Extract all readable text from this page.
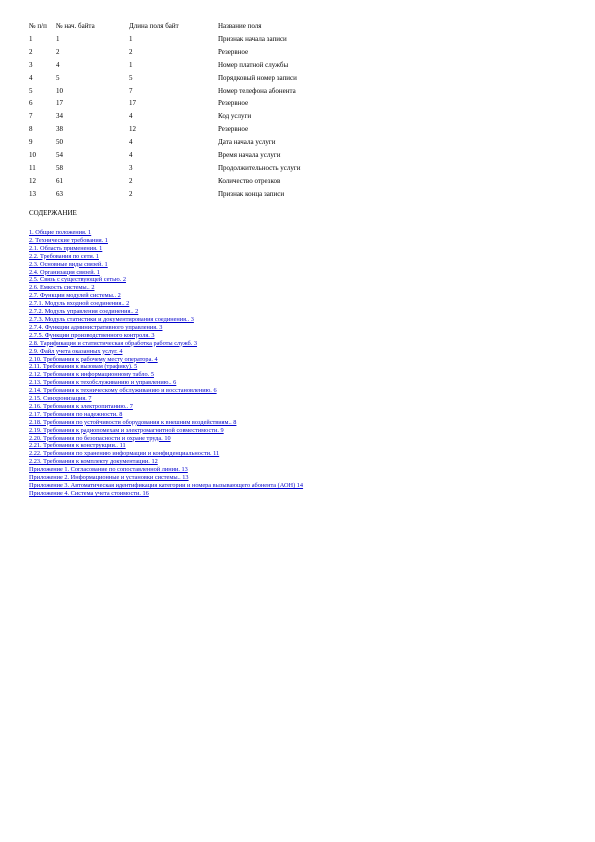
№ п/п	№ нач. байта	Длина поля байт	Название поля
1	1	1	Признак начала записи
2	2	2	Резервное
3	4	1	Номер платной службы
4	5	5	Порядковый номер записи
5	10	7	Номер телефона абонента
6	17	17	Резервное
7	34	4	Код услуги
8	38	12	Резервное
9	50	4	Дата начала услуги
10	54	4	Время начала услуги
11	58	3	Продолжительность услуги
12	61	2	Количество отрезков
13	63	2	Признак конца записи
СОДЕРЖАНИЕ
1. Общие положения. 1
2. Технические требования. 1
2.1. Область применения. 1
2.2. Требования по сети. 1
2.3. Основные виды связей. 1
2.4. Организация связей. 1
2.5. Связь с существующей сетью. 2
2.6. Емкость системы.. 2
2.7. Функции модулей системы.. 2
2.7.1. Модуль входной соединения.. 2
2.7.2. Модуль управления соединения.. 2
2.7.3. Модуль статистики и документирования соединения.. 3
2.7.4. Функции административного управления. 3
2.7.5. Функции производственного контроля. 3
2.8. Тарификация и статистическая обработка работы служб. 3
2.9. Файл учета оказанных услуг. 4
2.10. Требования к рабочему месту оператора. 4
2.11. Требования к вызовам (трафику). 5
2.12. Требования к информационному табло. 5
2.13. Требования к техобслуживанию и управлению.. 6
2.14. Требования к техническому обслуживанию и восстановлению. 6
2.15. Синхронизация. 7
2.16. Требования к электропитанию.. 7
2.17. Требования по надежности. 8
2.18. Требования по устойчивости оборудования к внешним воздействиям.. 8
2.19. Требования к радиопомехам и электромагнитной совместимости. 9
2.20. Требования по безопасности и охране труда. 10
2.21. Требования к конструкции.. 11
2.22. Требования по хранению информации и конфиденциальности. 11
2.23. Требования к комплекту документации. 12
Приложение 1. Согласование по сопоставленной линии. 13
Приложение 2. Информационные и установки системы.. 13
Приложение 3. Автоматическая идентификация категории и номера вызывающего абонента (АОН) 14
Приложение 4. Система учета стоимости. 16
